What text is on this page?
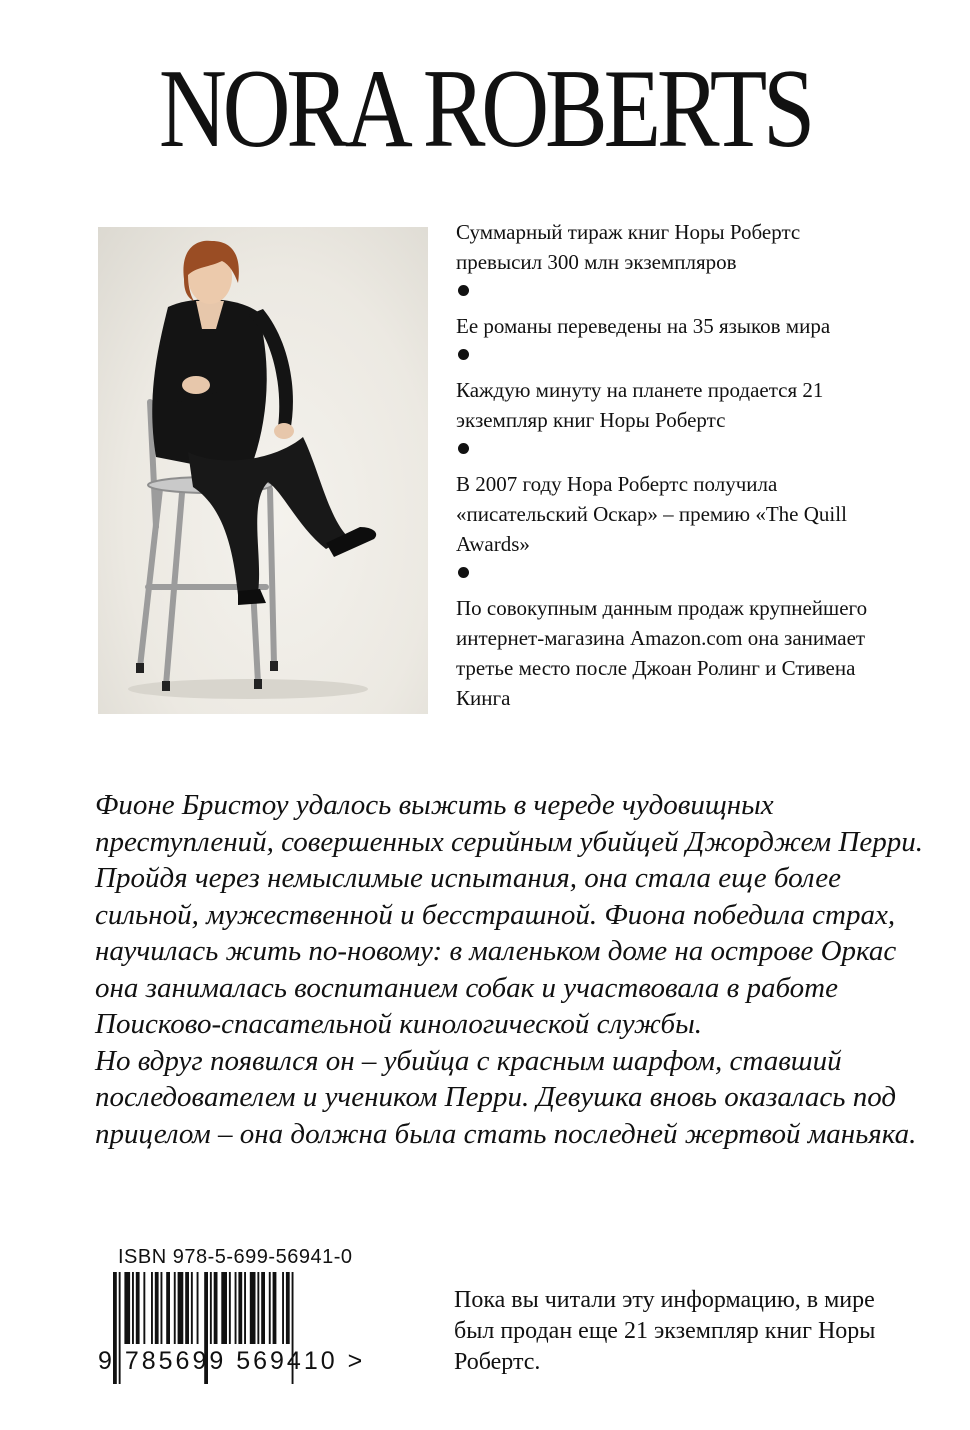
NORA ROBERTS

Суммарный тираж книг Норы Робертс превысил 300 млн экземпляров

Ее романы переведены на 35 языков мира

Каждую минуту на планете продается 21 экземпляр книг Норы Робертс

В 2007 году Нора Робертс получила «писательский Оскар» – премию «The Quill Awards»

По совокупным данным продаж крупнейшего интернет-магазина Amazon.com она занимает третье место после Джоан Ролинг и Стивена Кинга

Фионе Бристоу удалось выжить в череде чудовищных преступлений, совершенных серийным убийцей Джорджем Перри. Пройдя через немыслимые испытания, она стала еще более сильной, мужественной и бесстрашной. Фиона победила страх, научилась жить по-новому: в маленьком доме на острове Оркас она занималась воспитанием собак и участвовала в работе Поисково-спасательной кинологической службы.

Но вдруг появился он – убийца с красным шарфом, ставший последователем и учеником Перри. Девушка вновь оказалась под прицелом – она должна была стать последней жертвой маньяка.

ISBN 978-5-699-56941-0
9 785699 569410 >
Пока вы читали эту информацию, в мире был продан еще 21 экземпляр книг Норы Робертс.
